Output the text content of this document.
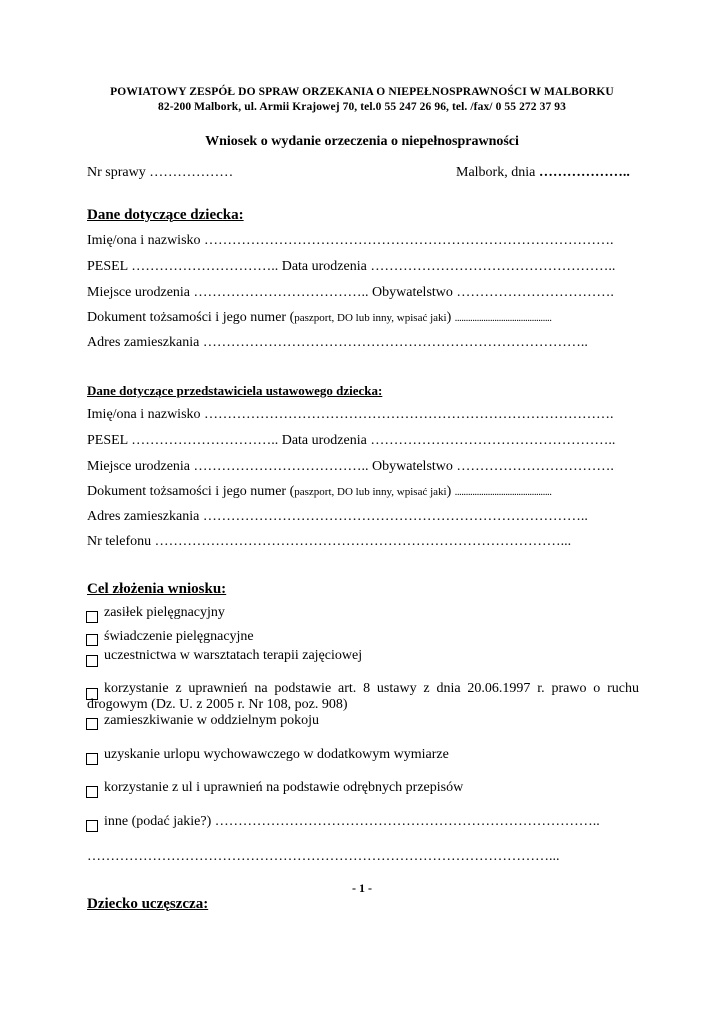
POWIATOWY ZESPÓŁ DO SPRAW ORZEKANIA O NIEPEŁNOSPRAWNOŚCI W MALBORKU
82-200 Malbork, ul. Armii Krajowej 70, tel.0 55 247 26 96, tel. /fax/ 0 55 272 37 93
Wniosek o wydanie orzeczenia o niepełnosprawności
Nr sprawy ………………	Malbork, dnia ………………..
Dane dotyczące dziecka:
Imię/ona i nazwisko …………………………………………………………………………….
PESEL ………………………….. Data urodzenia ……………………………………………..
Miejsce urodzenia ……………………………….. Obywatelstwo …………………………….
Dokument tożsamości i jego numer (paszport, DO lub inny, wpisać jaki) ............................................
Adres zamieszkania ………………………………………………………………………..
Dane dotyczące przedstawiciela ustawowego dziecka:
Imię/ona i nazwisko …………………………………………………………………………….
PESEL ………………………….. Data urodzenia ……………………………………………..
Miejsce urodzenia ……………………………….. Obywatelstwo …………………………….
Dokument tożsamości i jego numer (paszport, DO lub inny, wpisać jaki) ............................................
Adres zamieszkania ………………………………………………………………………..
Nr telefonu ……………………………………………………………………………...
Cel złożenia wniosku:
zasiłek pielęgnacyjny
świadczenie pielęgnacyjne
uczestnictwa w warsztatach terapii zajęciowej
korzystanie z uprawnień na podstawie art. 8 ustawy z dnia 20.06.1997 r. prawo o ruchu
drogowym (Dz. U. z 2005 r. Nr 108, poz. 908)
zamieszkiwanie w oddzielnym pokoju
uzyskanie urlopu wychowawczego w dodatkowym wymiarze
korzystanie z ul i uprawnień na podstawie odrębnych przepisów
inne (podać jakie?) ………………………………………………………………………..
………………………………………………………………………………………...
- 1 -
Dziecko uczęszcza:
